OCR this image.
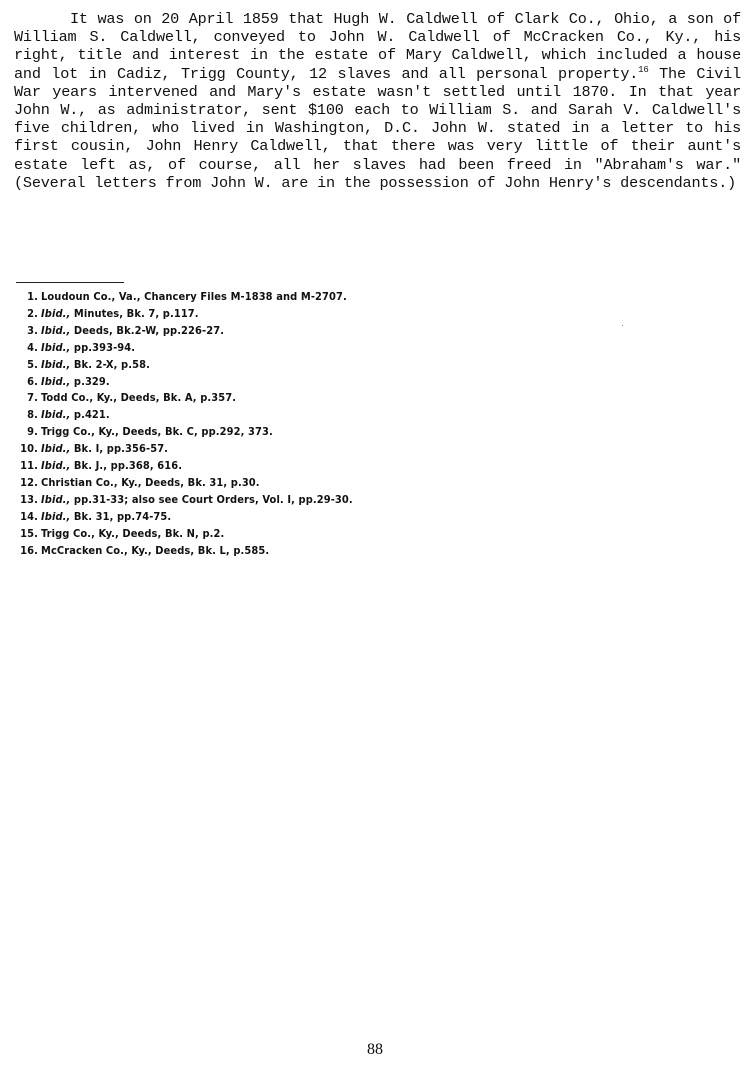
It was on 20 April 1859 that Hugh W. Caldwell of Clark Co., Ohio, a son of William S. Caldwell, conveyed to John W. Caldwell of McCracken Co., Ky., his right, title and interest in the estate of Mary Caldwell, which included a house and lot in Cadiz, Trigg County, 12 slaves and all personal property.$^{16}$ The Civil War years intervened and Mary's estate wasn't settled until 1870. In that year John W., as administrator, sent $100 each to William S. and Sarah V. Caldwell's five children, who lived in Washington, D.C. John W. stated in a letter to his first cousin, John Henry Caldwell, that there was very little of their aunt's estate left as, of course, all her slaves had been freed in "Abraham's war." (Several letters from John W. are in the possession of John Henry's descendants.)

1. Loudoun Co., Va., Chancery Files M-1838 and M-2707.
2. Ibid., Minutes, Bk. 7, p.117.
3. Ibid., Deeds, Bk.2-W, pp.226-27.
4. Ibid., pp.393-94.
5. Ibid., Bk. 2-X, p.58.
6. Ibid., p.329.
7. Todd Co., Ky., Deeds, Bk. A, p.357.
8. Ibid., p.421.
9. Trigg Co., Ky., Deeds, Bk. C, pp.292, 373.
10. Ibid., Bk. I, pp.356-57.
11. Ibid., Bk. J., pp.368, 616.
12. Christian Co., Ky., Deeds, Bk. 31, p.30.
13. Ibid., pp.31-33; also see Court Orders, Vol. I, pp.29-30.
14. Ibid., Bk. 31, pp.74-75.
15. Trigg Co., Ky., Deeds, Bk. N, p.2.
16. McCracken Co., Ky., Deeds, Bk. L, p.585.
88
